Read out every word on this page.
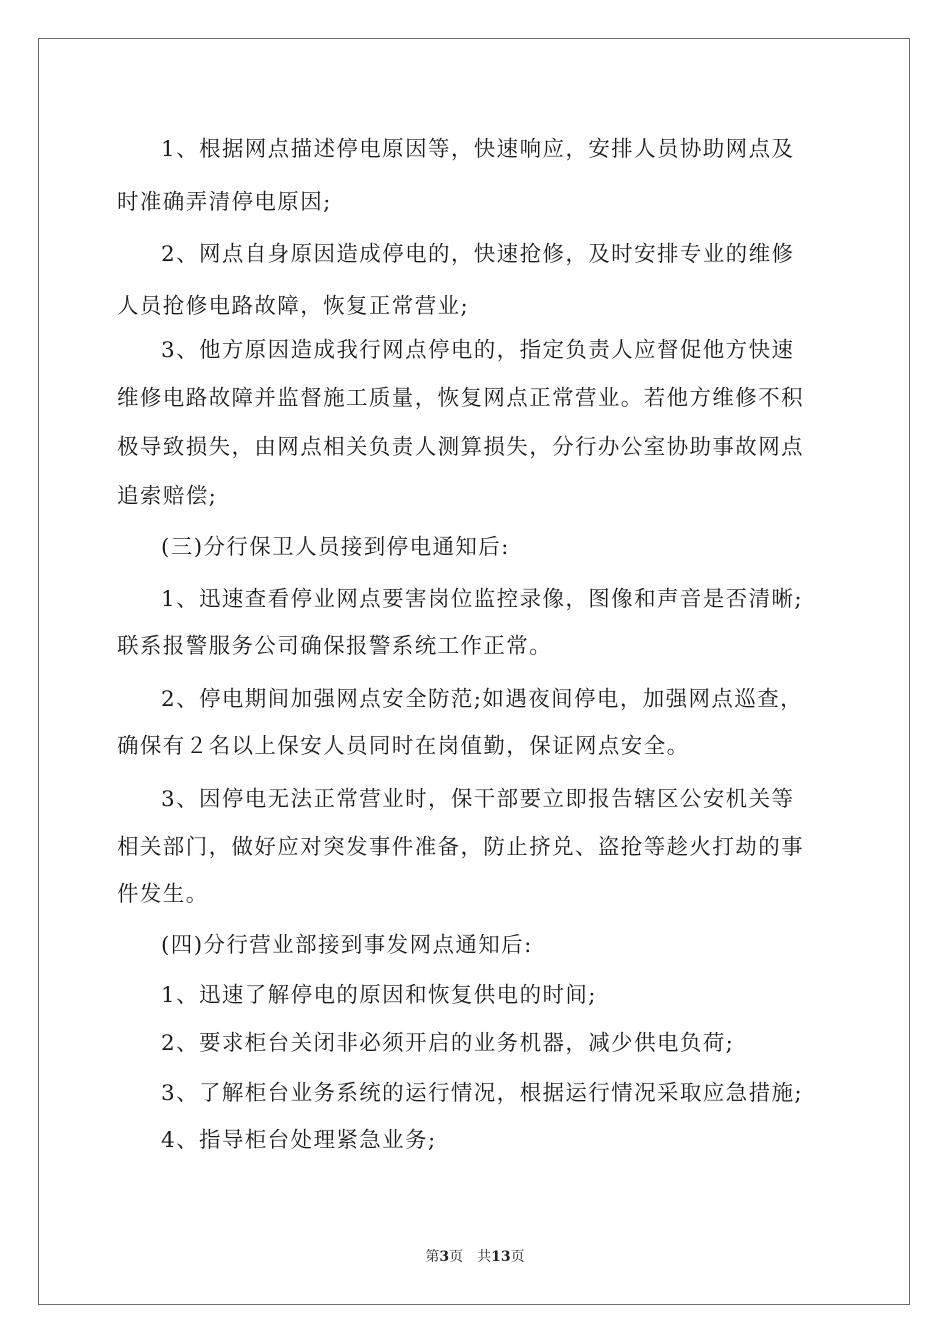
1、根据网点描述停电原因等，快速响应，安排人员协助网点及
时准确弄清停电原因;
2、网点自身原因造成停电的，快速抢修，及时安排专业的维修
人员抢修电路故障，恢复正常营业;
3、他方原因造成我行网点停电的，指定负责人应督促他方快速
维修电路故障并监督施工质量，恢复网点正常营业。若他方维修不积
极导致损失，由网点相关负责人测算损失，分行办公室协助事故网点
追索赔偿;
(三)分行保卫人员接到停电通知后:
1、迅速查看停业网点要害岗位监控录像，图像和声音是否清晰;
联系报警服务公司确保报警系统工作正常。
2、停电期间加强网点安全防范;如遇夜间停电，加强网点巡查，
确保有２名以上保安人员同时在岗值勤，保证网点安全。
3、因停电无法正常营业时，保干部要立即报告辖区公安机关等
相关部门，做好应对突发事件准备，防止挤兑、盗抢等趁火打劫的事
件发生。
(四)分行营业部接到事发网点通知后:
1、迅速了解停电的原因和恢复供电的时间;
2、要求柜台关闭非必须开启的业务机器，减少供电负荷;
3、了解柜台业务系统的运行情况，根据运行情况采取应急措施;
4、指导柜台处理紧急业务;
第3页 共13页
